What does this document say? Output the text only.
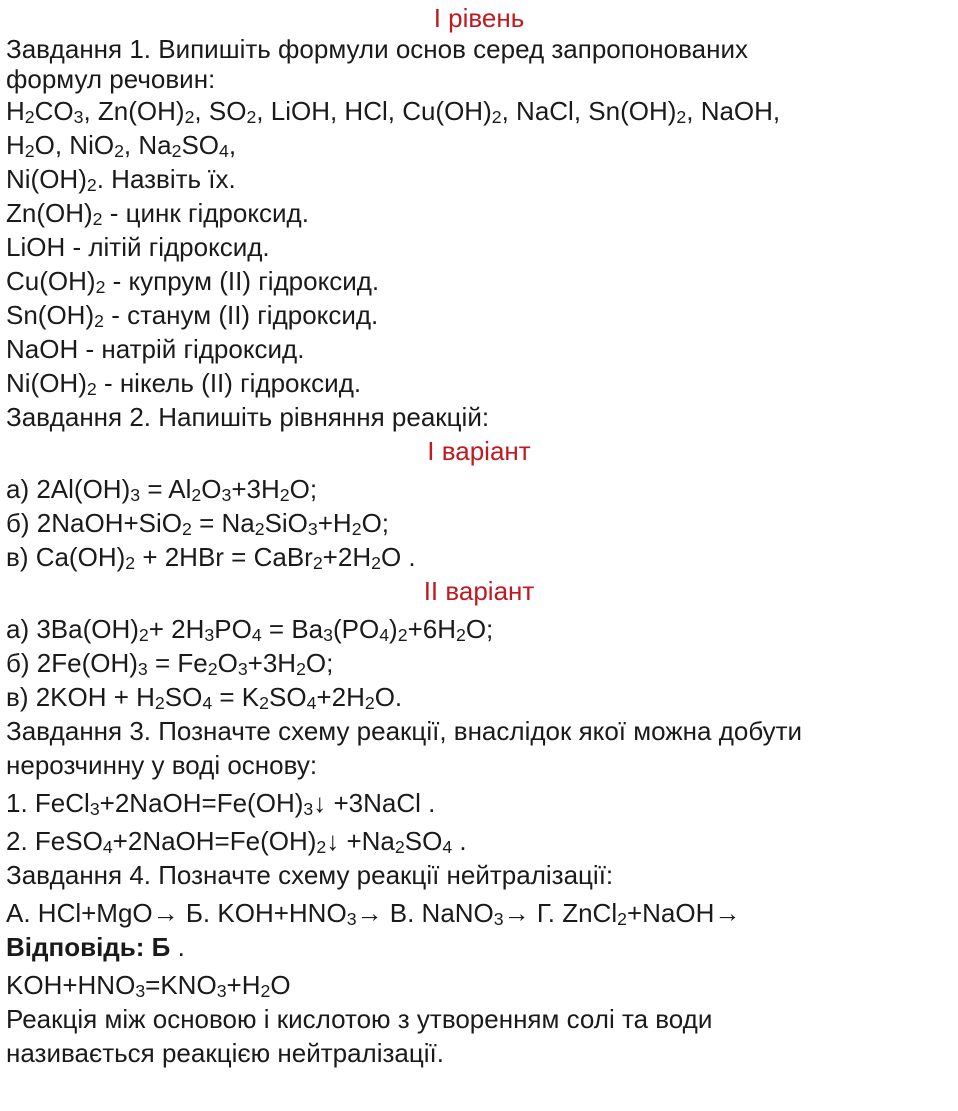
І рівень
Завдання 1. Випишіть формули основ серед запропонованих
формул речовин:
$H_2CO_3$, $Zn(OH)_2$, $SO_2$, LiOH, HCl, $Cu(OH)_2$, NaCl, $Sn(OH)_2$, NaOH,
$H_2O$, NiO$_2$, $Na_2SO_4$,
$Ni(OH)_2$. Назвіть їх.
$Zn(OH)_2$ - цинк гідроксид.
LiOH - літій гідроксид.
$Cu(OH)_2$ - купрум (ІІ) гідроксид.
$Sn(OH)_2$ - станум (ІІ) гідроксид.
NaOH - натрій гідроксид.
$Ni(OH)_2$ - нікель (ІІ) гідроксид.
Завдання 2. Напишіть рівняння реакцій:
І варіант
а) $2Al(OH)_3 = Al_2O_3+3H_2O$;
б) 2NaOH+SiO$_2$ = $Na_2SiO_3+H_2O$;
в) $Ca(OH)_2 + 2HBr$ = $CaBr_2+2H_2O$ .
ІІ варіант
а) $3Ba(OH)_2+ 2H_3PO_4 = Ba_3(PO_4)_2+6H_2O$;
б) $2Fe(OH)_3 = Fe_2O_3+3H_2O$;
в) $2KOH + H_2SO_4 = K_2SO_4+2H_2O$.
Завдання 3. Позначте схему реакції, внаслідок якої можна добути
нерозчинну у воді основу:
1. $FeCl_3+2NaOH=Fe(OH)_3↓$ +3NaCl .
2. $FeSO_4+2NaOH=Fe(OH)_2↓ +Na_2SO_4$ .
Завдання 4. Позначте схему реакції нейтралізації:
А. HCl+MgO→ Б. $KOH+HNO_3\to В$. NaNO$_3$→ Г. ZnCl$_2$+NaOH→
Відповідь: Б .
$KOH+HNO_3=KNO_3+H_2O$
Реакція між основою і кислотою з утворенням солі та води
називається реакцією нейтралізації.
